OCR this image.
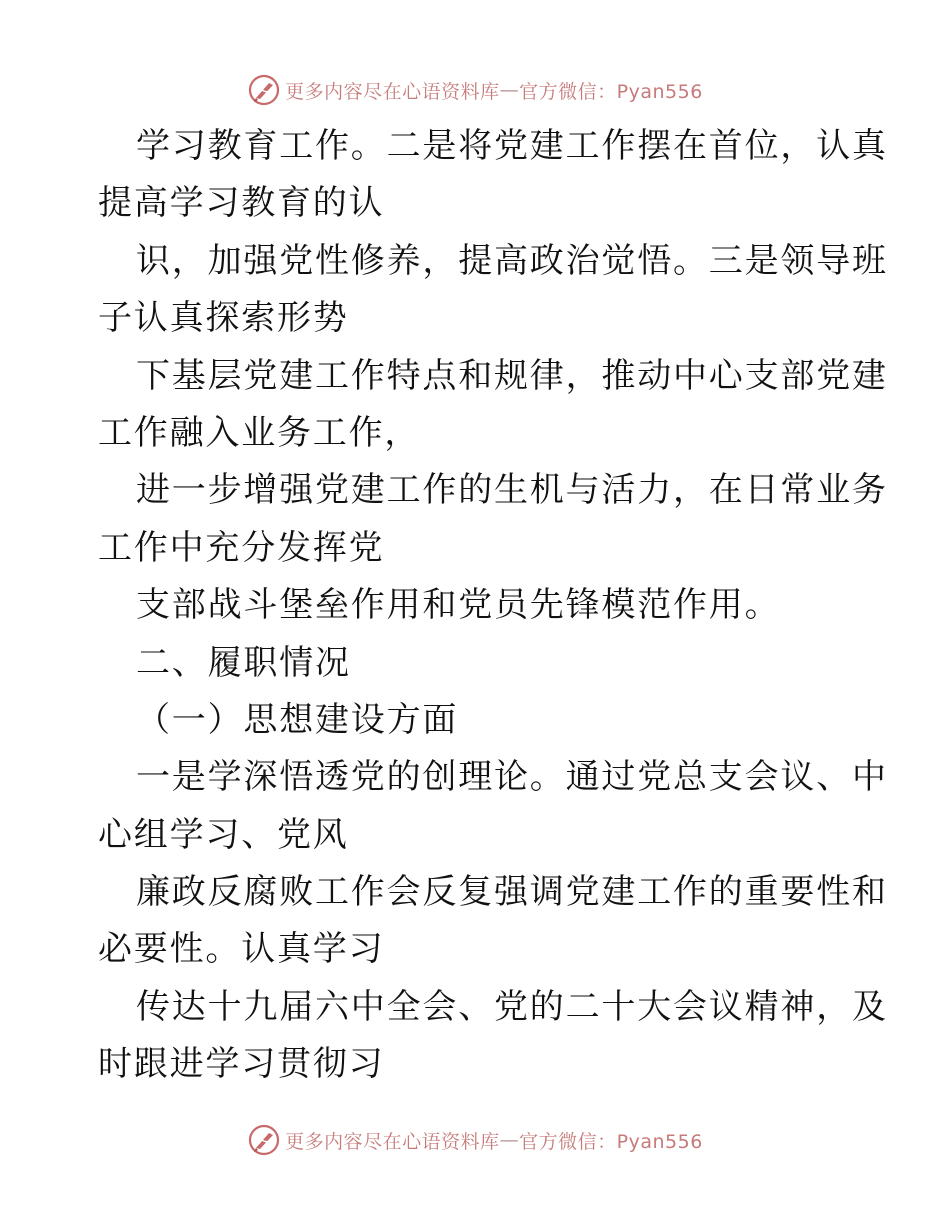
更多内容尽在心语资料库 — 官方微信：Pyan556
学习教育工作。二是将党建工作摆在首位，认真
提高学习教育的认
识，加强党性修养，提高政治觉悟。三是领导班
子认真探索形势
下基层党建工作特点和规律，推动中心支部党建
工作融入业务工作，
进一步增强党建工作的生机与活力，在日常业务
工作中充分发挥党
支部战斗堡垒作用和党员先锋模范作用。
二、履职情况
（一）思想建设方面
一是学深悟透党的创理论。通过党总支会议、中
心组学习、党风
廉政反腐败工作会反复强调党建工作的重要性和
必要性。认真学习
传达十九届六中全会、党的二十大会议精神，及
时跟进学习贯彻习
更多内容尽在心语资料库 — 官方微信：Pyan556
